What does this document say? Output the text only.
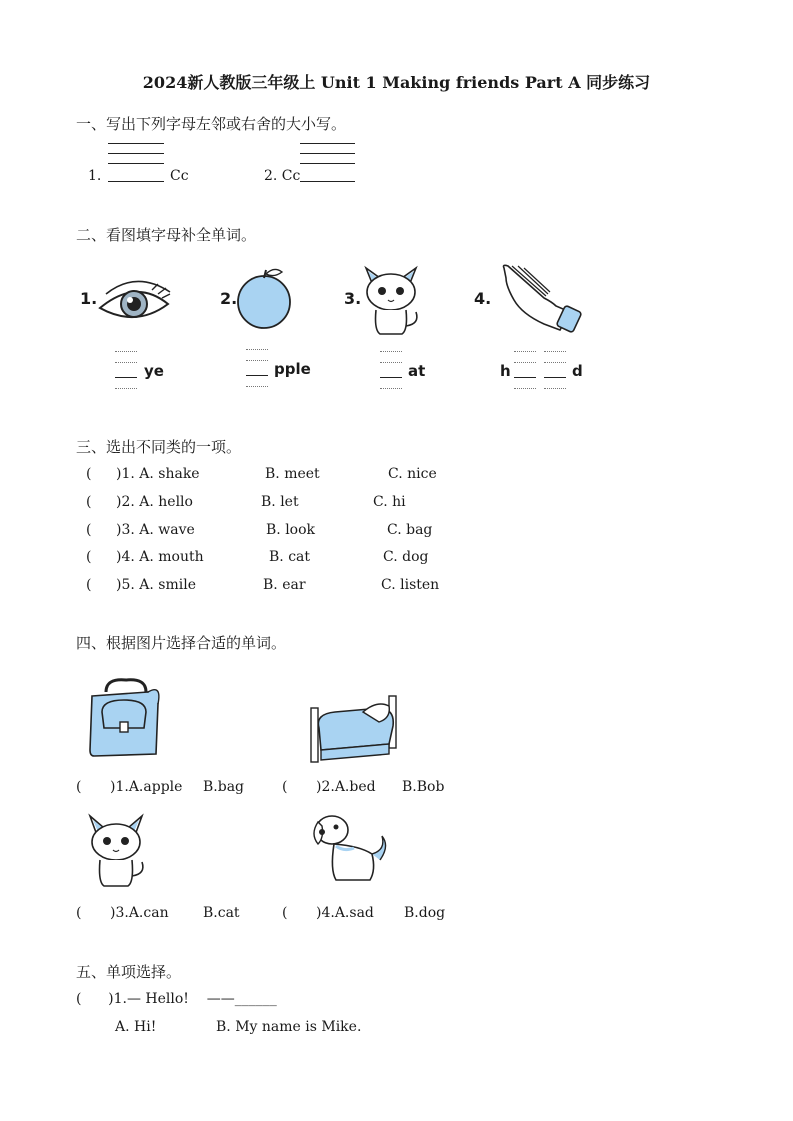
2024新人教版三年级上 Unit 1 Making friends Part A 同步练习
一、写出下列字母左邻或右舍的大小写。
1.	Cc	2. Cc
二、看图填字母补全单词。
1.	2.	3.	4.
ye	pple	at	h	d
三、选出不同类的一项。
( )1. A. shake	B. meet	C. nice
( )2. A. hello	B. let	C. hi
( )3. A. wave	B. look	C. bag
( )4. A. mouth	B. cat	C. dog
( )5. A. smile	B. ear	C. listen
四、根据图片选择合适的单词。
( )1.A.apple B.bag	( )2.A.bed B.Bob
( )3.A.can B.cat	( )4.A.sad B.dog
五、单项选择。
(      )1.— Hello!    ——______
A. Hi!	B. My name is Mike.
